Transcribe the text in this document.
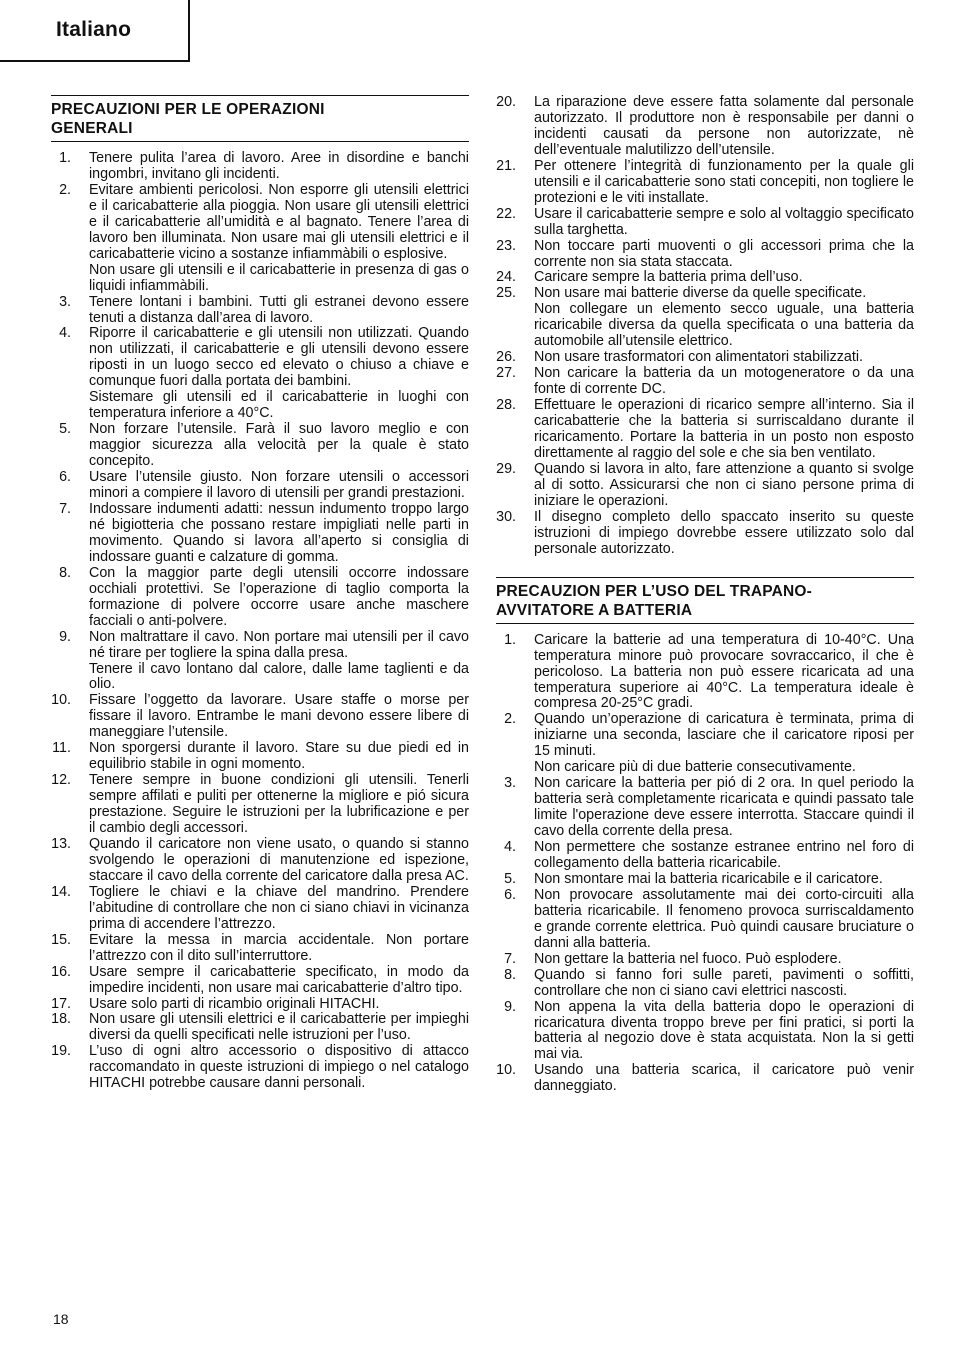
Italiano
PRECAUZIONI PER LE OPERAZIONI
GENERALI
1. Tenere pulita l’area di lavoro. Aree in disordine e banchi ingombri, invitano gli incidenti.
2. Evitare ambienti pericolosi. Non esporre gli utensili elettrici e il caricabatterie alla pioggia. Non usare gli utensili elettrici e il caricabatterie all’umidità e al bagnato. Tenere l’area di lavoro ben illuminata. Non usare mai gli utensili elettrici e il caricabatterie vicino a sostanze infiammàbili o esplosive.
Non usare gli utensili e il caricabatterie in presenza di gas o liquidi infiammàbili.
3. Tenere lontani i bambini. Tutti gli estranei devono essere tenuti a distanza dall’area di lavoro.
4. Riporre il caricabatterie e gli utensili non utilizzati. Quando non utilizzati, il caricabatterie e gli utensili devono essere riposti in un luogo secco ed elevato o chiuso a chiave e comunque fuori dalla portata dei bambini.
Sistemare gli utensili ed il caricabatterie in luoghi con temperatura inferiore a 40°C.
5. Non forzare l’utensile. Farà il suo lavoro meglio e con maggior sicurezza alla velocità per la quale è stato concepito.
6. Usare l’utensile giusto. Non forzare utensili o accessori minori a compiere il lavoro di utensili per grandi prestazioni.
7. Indossare indumenti adatti: nessun indumento troppo largo né bigiotteria che possano restare impigliati nelle parti in movimento. Quando si lavora all’aperto si consiglia di indossare guanti e calzature di gomma.
8. Con la maggior parte degli utensili occorre indossare occhiali protettivi. Se l’operazione di taglio comporta la formazione di polvere occorre usare anche maschere facciali o anti-polvere.
9. Non maltrattare il cavo. Non portare mai utensili per il cavo né tirare per togliere la spina dalla presa.
Tenere il cavo lontano dal calore, dalle lame taglienti e da olio.
10. Fissare l’oggetto da lavorare. Usare staffe o morse per fissare il lavoro. Entrambe le mani devono essere libere di maneggiare l’utensile.
11. Non sporgersi durante il lavoro. Stare su due piedi ed in equilibrio stabile in ogni momento.
12. Tenere sempre in buone condizioni gli utensili. Tenerli sempre affilati e puliti per ottenerne la migliore e pió sicura prestazione. Seguire le istruzioni per la lubrificazione e per il cambio degli accessori.
13. Quando il caricatore non viene usato, o quando si stanno svolgendo le operazioni di manutenzione ed ispezione, staccare il cavo della corrente del caricatore dalla presa AC.
14. Togliere le chiavi e la chiave del mandrino. Prendere l’abitudine di controllare che non ci siano chiavi in vicinanza prima di accendere l’attrezzo.
15. Evitare la messa in marcia accidentale. Non portare l’attrezzo con il dito sull’interruttore.
16. Usare sempre il caricabatterie specificato, in modo da impedire incidenti, non usare mai caricabatterie d’altro tipo.
17. Usare solo parti di ricambio originali HITACHI.
18. Non usare gli utensili elettrici e il caricabatterie per impieghi diversi da quelli specificati nelle istruzioni per l’uso.
19. L’uso di ogni altro accessorio o dispositivo di attacco raccomandato in queste istruzioni di impiego o nel catalogo HITACHI potrebbe causare danni personali.
20. La riparazione deve essere fatta solamente dal personale autorizzato. Il produttore non è responsabile per danni o incidenti causati da persone non autorizzate, nè dell’eventuale malutilizzo dell’utensile.
21. Per ottenere l’integrità di funzionamento per la quale gli utensili e il caricabatterie sono stati concepiti, non togliere le protezioni e le viti installate.
22. Usare il caricabatterie sempre e solo al voltaggio specificato sulla targhetta.
23. Non toccare parti muoventi o gli accessori prima che la corrente non sia stata staccata.
24. Caricare sempre la batteria prima dell’uso.
25. Non usare mai batterie diverse da quelle specificate.
Non collegare un elemento secco uguale, una batteria ricaricabile diversa da quella specificata o una batteria da automobile all’utensile elettrico.
26. Non usare trasformatori con alimentatori stabilizzati.
27. Non caricare la batteria da un motogeneratore o da una fonte di corrente DC.
28. Effettuare le operazioni di ricarico sempre all’interno. Sia il caricabatterie che la batteria si surriscaldano durante il ricaricamento. Portare la batteria in un posto non esposto direttamente al raggio del sole e che sia ben ventilato.
29. Quando si lavora in alto, fare attenzione a quanto si svolge al di sotto. Assicurarsi che non ci siano persone prima di iniziare le operazioni.
30. Il disegno completo dello spaccato inserito su queste istruzioni di impiego dovrebbe essere utilizzato solo dal personale autorizzato.
PRECAUZION PER L’USO DEL TRAPANO-
AVVITATORE A BATTERIA
1. Caricare la batterie ad una temperatura di 10-40°C. Una temperatura minore può provocare sovraccarico, il che è pericoloso. La batteria non può essere ricaricata ad una temperatura superiore ai 40°C. La temperatura ideale è compresa 20-25°C gradi.
2. Quando un’operazione di caricatura è terminata, prima di iniziarne una seconda, lasciare che il caricatore riposi per 15 minuti.
Non caricare più di due batterie consecutivamente.
3. Non caricare la batteria per pió di 2 ora. In quel periodo la batteria serà completamente ricaricata e quindi passato tale limite l'operazione deve essere interrotta. Staccare quindi il cavo della corrente della presa.
4. Non permettere che sostanze estranee entrino nel foro di collegamento della batteria ricaricabile.
5. Non smontare mai la batteria ricaricabile e il caricatore.
6. Non provocare assolutamente mai dei corto-circuiti alla batteria ricaricabile. Il fenomeno provoca surriscaldamento e grande corrente elettrica. Può quindi causare bruciature o danni alla batteria.
7. Non gettare la batteria nel fuoco. Può esplodere.
8. Quando si fanno fori sulle pareti, pavimenti o soffitti, controllare che non ci siano cavi elettrici nascosti.
9. Non appena la vita della batteria dopo le operazioni di ricaricatura diventa troppo breve per fini pratici, si porti la batteria al negozio dove è stata acquistata. Non la si getti mai via.
10. Usando una batteria scarica, il caricatore può venir danneggiato.
18
